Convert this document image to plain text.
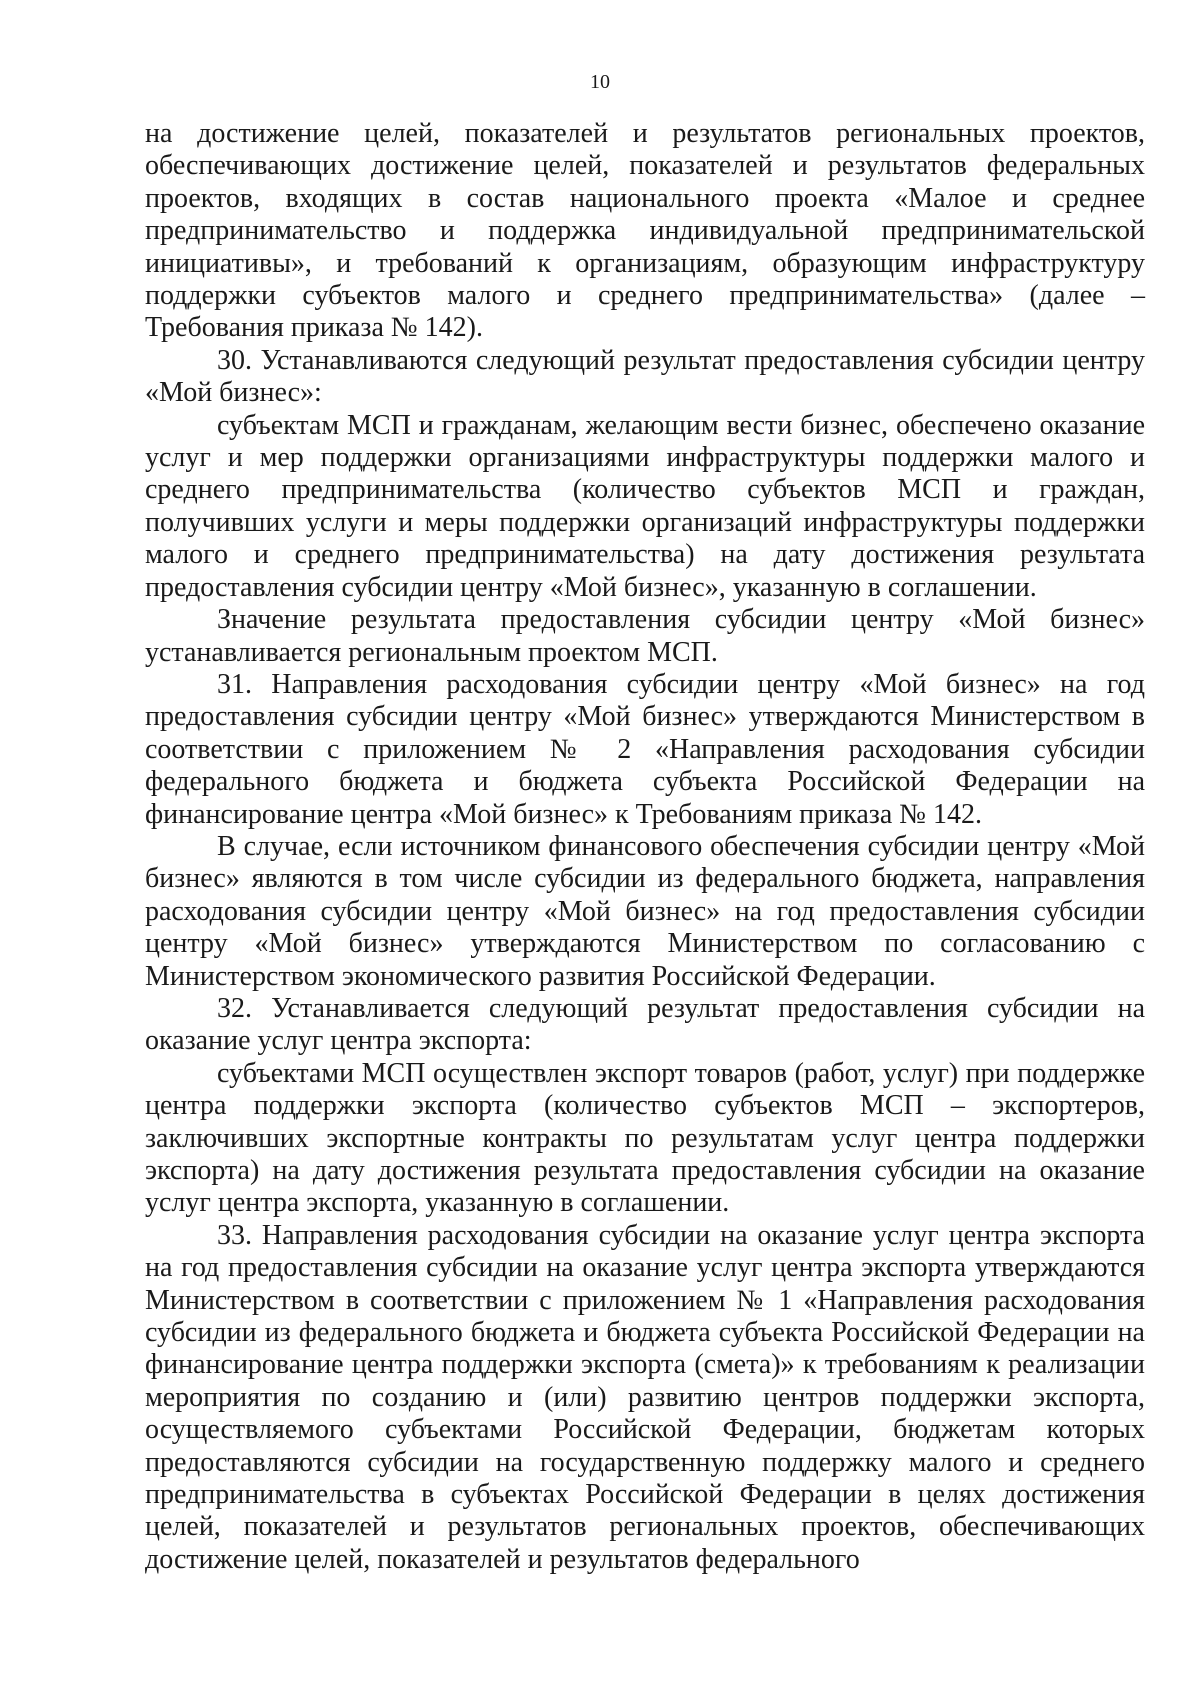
10

на достижение целей, показателей и результатов региональных проектов, обеспечивающих достижение целей, показателей и результатов федеральных проектов, входящих в состав национального проекта «Малое и среднее предпринимательство и поддержка индивидуальной предпринимательской инициативы», и требований к организациям, образующим инфраструктуру поддержки субъектов малого и среднего предпринимательства» (далее – Требования приказа № 142).

30. Устанавливаются следующий результат предоставления субсидии центру «Мой бизнес»:

субъектам МСП и гражданам, желающим вести бизнес, обеспечено оказание услуг и мер поддержки организациями инфраструктуры поддержки малого и среднего предпринимательства (количество субъектов МСП и граждан, получивших услуги и меры поддержки организаций инфраструктуры поддержки малого и среднего предпринимательства) на дату достижения результата предоставления субсидии центру «Мой бизнес», указанную в соглашении.

Значение результата предоставления субсидии центру «Мой бизнес» устанавливается региональным проектом МСП.

31. Направления расходования субсидии центру «Мой бизнес» на год предоставления субсидии центру «Мой бизнес» утверждаются Министерством в соответствии с приложением № 2 «Направления расходования субсидии федерального бюджета и бюджета субъекта Российской Федерации на финансирование центра «Мой бизнес» к Требованиям приказа № 142.

В случае, если источником финансового обеспечения субсидии центру «Мой бизнес» являются в том числе субсидии из федерального бюджета, направления расходования субсидии центру «Мой бизнес» на год предоставления субсидии центру «Мой бизнес» утверждаются Министерством по согласованию с Министерством экономического развития Российской Федерации.

32. Устанавливается следующий результат предоставления субсидии на оказание услуг центра экспорта:

субъектами МСП осуществлен экспорт товаров (работ, услуг) при поддержке центра поддержки экспорта (количество субъектов МСП – экспортеров, заключивших экспортные контракты по результатам услуг центра поддержки экспорта) на дату достижения результата предоставления субсидии на оказание услуг центра экспорта, указанную в соглашении.

33. Направления расходования субсидии на оказание услуг центра экспорта на год предоставления субсидии на оказание услуг центра экспорта утверждаются Министерством в соответствии с приложением № 1 «Направления расходования субсидии из федерального бюджета и бюджета субъекта Российской Федерации на финансирование центра поддержки экспорта (смета)» к требованиям к реализации мероприятия по созданию и (или) развитию центров поддержки экспорта, осуществляемого субъектами Российской Федерации, бюджетам которых предоставляются субсидии на государственную поддержку малого и среднего предпринимательства в субъектах Российской Федерации в целях достижения целей, показателей и результатов региональных проектов, обеспечивающих достижение целей, показателей и результатов федерального
